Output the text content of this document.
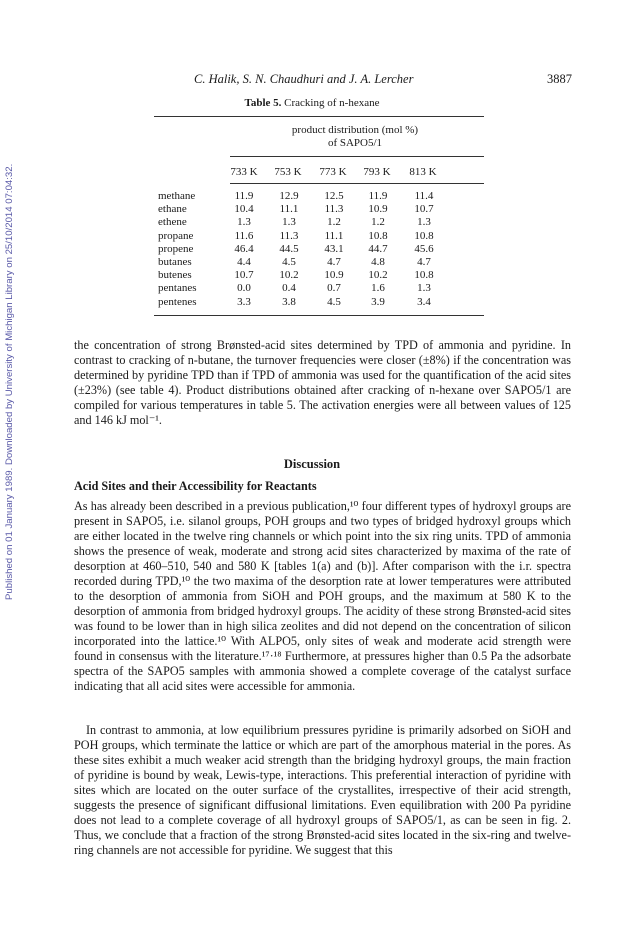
Published on 01 January 1989. Downloaded by University of Michigan Library on 25/10/2014 07:04:32.
C. Halik, S. N. Chaudhuri and J. A. Lercher	3887
Table 5. Cracking of n-hexane
product distribution (mol %)
of SAPO5/1
733 K	753 K	773 K	793 K	813 K
methane	11.9	12.9	12.5	11.9	11.4
ethane	10.4	11.1	11.3	10.9	10.7
ethene	1.3	1.3	1.2	1.2	1.3
propane	11.6	11.3	11.1	10.8	10.8
propene	46.4	44.5	43.1	44.7	45.6
butanes	4.4	4.5	4.7	4.8	4.7
butenes	10.7	10.2	10.9	10.2	10.8
pentanes	0.0	0.4	0.7	1.6	1.3
pentenes	3.3	3.8	4.5	3.9	3.4
the concentration of strong Brønsted-acid sites determined by TPD of ammonia and pyridine. In contrast to cracking of n-butane, the turnover frequencies were closer (±8%) if the concentration was determined by pyridine TPD than if TPD of ammonia was used for the quantification of the acid sites (±23%) (see table 4). Product distributions obtained after cracking of n-hexane over SAPO5/1 are compiled for various temperatures in table 5. The activation energies were all between values of 125 and 146 kJ mol⁻¹.
Discussion
Acid Sites and their Accessibility for Reactants
As has already been described in a previous publication,¹⁰ four different types of hydroxyl groups are present in SAPO5, i.e. silanol groups, POH groups and two types of bridged hydroxyl groups which are either located in the twelve ring channels or which point into the six ring units. TPD of ammonia shows the presence of weak, moderate and strong acid sites characterized by maxima of the rate of desorption at 460–510, 540 and 580 K [tables 1(a) and (b)]. After comparison with the i.r. spectra recorded during TPD,¹⁰ the two maxima of the desorption rate at lower temperatures were attributed to the desorption of ammonia from SiOH and POH groups, and the maximum at 580 K to the desorption of ammonia from bridged hydroxyl groups. The acidity of these strong Brønsted-acid sites was found to be lower than in high silica zeolites and did not depend on the concentration of silicon incorporated into the lattice.¹⁰ With ALPO5, only sites of weak and moderate acid strength were found in consensus with the literature.¹⁷·¹⁸ Furthermore, at pressures higher than 0.5 Pa the adsorbate spectra of the SAPO5 samples with ammonia showed a complete coverage of the catalyst surface indicating that all acid sites were accessible for ammonia.
In contrast to ammonia, at low equilibrium pressures pyridine is primarily adsorbed on SiOH and POH groups, which terminate the lattice or which are part of the amorphous material in the pores. As these sites exhibit a much weaker acid strength than the bridging hydroxyl groups, the main fraction of pyridine is bound by weak, Lewis-type, interactions. This preferential interaction of pyridine with sites which are located on the outer surface of the crystallites, irrespective of their acid strength, suggests the presence of significant diffusional limitations. Even equilibration with 200 Pa pyridine does not lead to a complete coverage of all hydroxyl groups of SAPO5/1, as can be seen in fig. 2. Thus, we conclude that a fraction of the strong Brønsted-acid sites located in the six-ring and twelve-ring channels are not accessible for pyridine. We suggest that this
